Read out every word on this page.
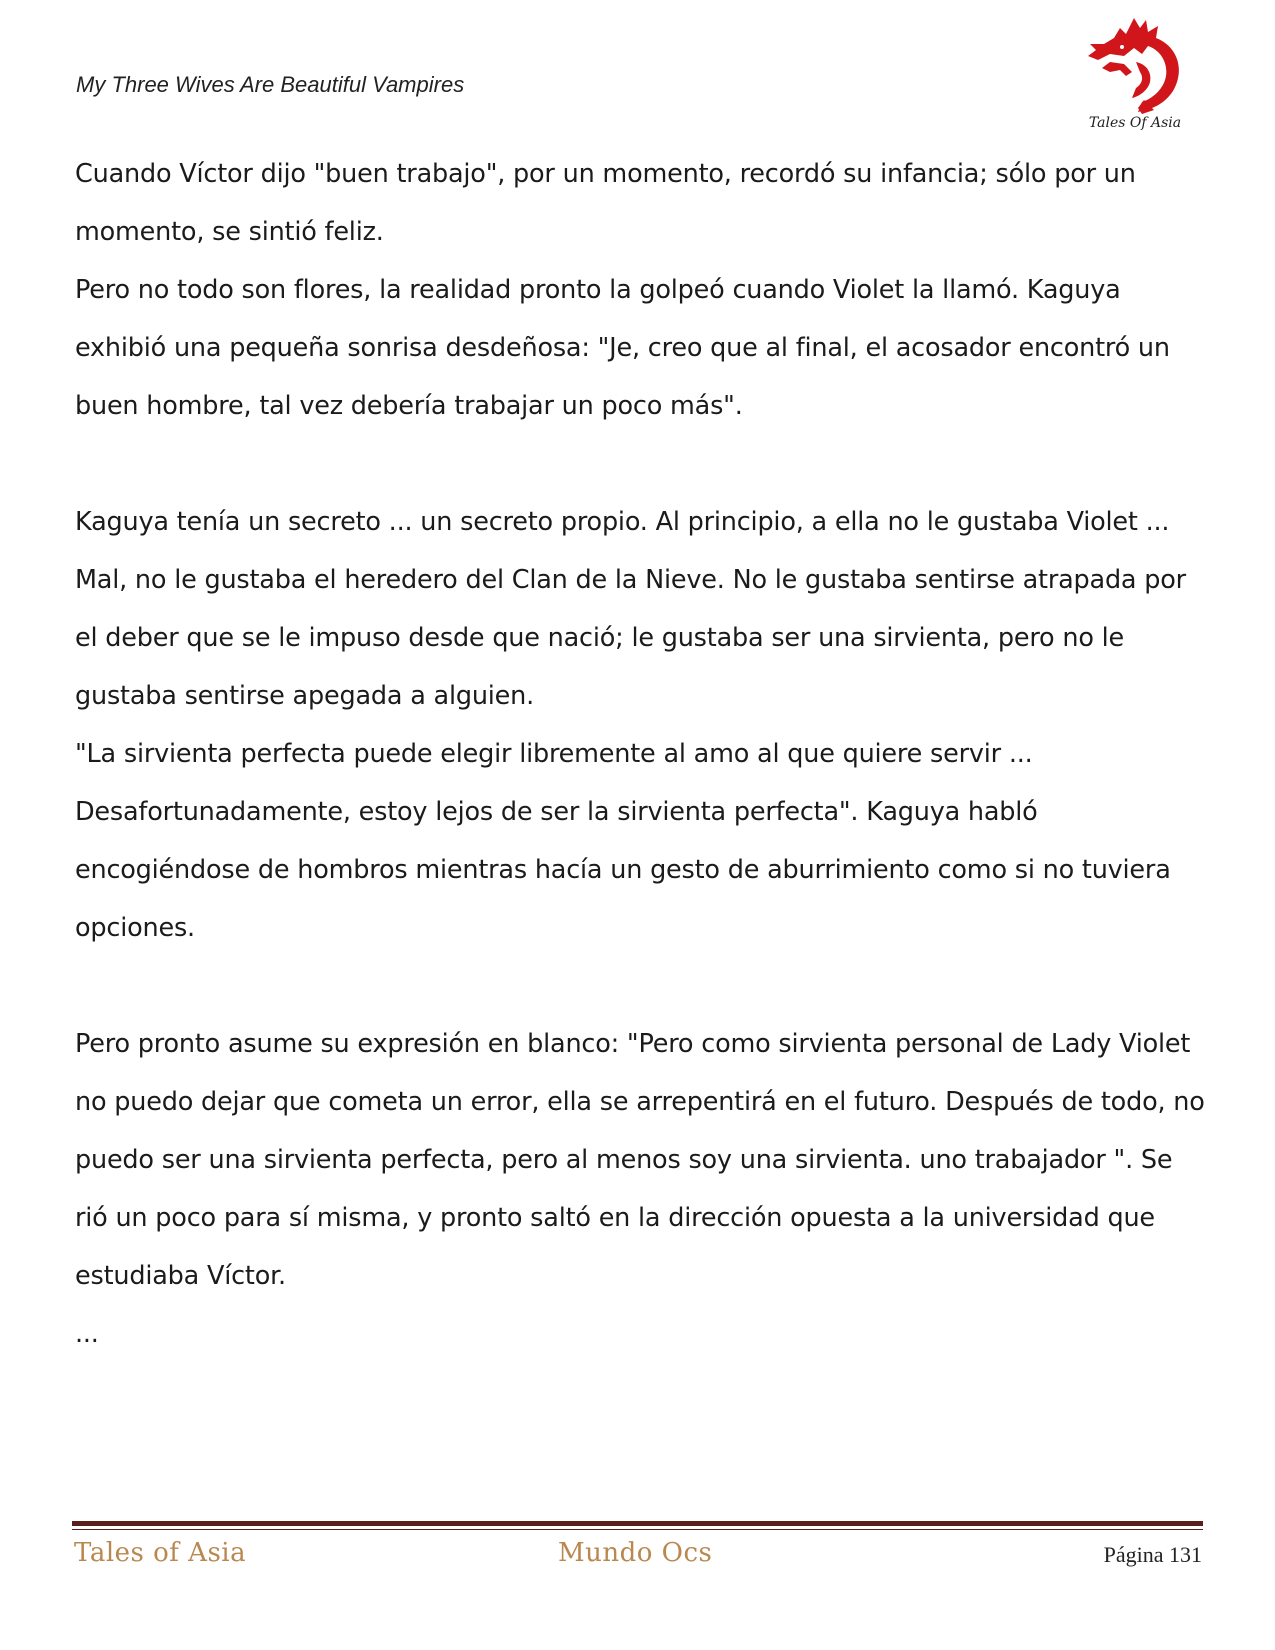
My Three Wives Are Beautiful Vampires
Tales Of Asia

Cuando Víctor dijo "buen trabajo", por un momento, recordó su infancia; sólo por un momento, se sintió feliz.

Pero no todo son flores, la realidad pronto la golpeó cuando Violet la llamó. Kaguya exhibió una pequeña sonrisa desdeñosa: "Je, creo que al final, el acosador encontró un buen hombre, tal vez debería trabajar un poco más".

Kaguya tenía un secreto ... un secreto propio. Al principio, a ella no le gustaba Violet ... Mal, no le gustaba el heredero del Clan de la Nieve. No le gustaba sentirse atrapada por el deber que se le impuso desde que nació; le gustaba ser una sirvienta, pero no le gustaba sentirse apegada a alguien.

"La sirvienta perfecta puede elegir libremente al amo al que quiere servir ... Desafortunadamente, estoy lejos de ser la sirvienta perfecta". Kaguya habló encogiéndose de hombros mientras hacía un gesto de aburrimiento como si no tuviera opciones.

Pero pronto asume su expresión en blanco: "Pero como sirvienta personal de Lady Violet no puedo dejar que cometa un error, ella se arrepentirá en el futuro. Después de todo, no puedo ser una sirvienta perfecta, pero al menos soy una sirvienta. uno trabajador ". Se rió un poco para sí misma, y pronto saltó en la dirección opuesta a la universidad que estudiaba Víctor.

...

Tales of Asia	Mundo Ocs	Página 131
